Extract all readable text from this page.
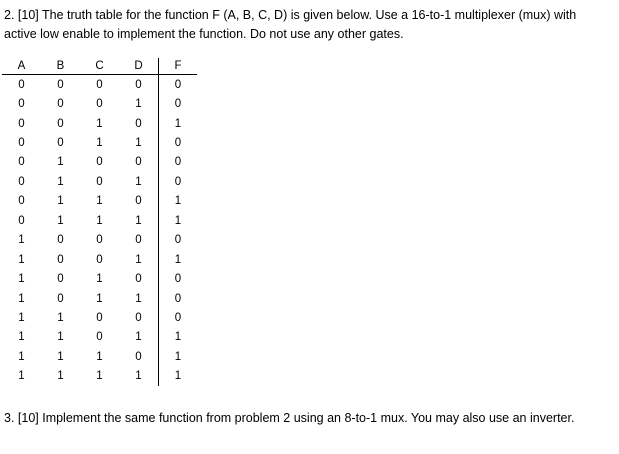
2. [10] The truth table for the function F (A, B, C, D) is given below. Use a 16-to-1 multiplexer (mux) with active low enable to implement the function. Do not use any other gates.

A	B	C	D	F
0	0	0	0	0
0	0	0	1	0
0	0	1	0	1
0	0	1	1	0
0	1	0	0	0
0	1	0	1	0
0	1	1	0	1
0	1	1	1	1
1	0	0	0	0
1	0	0	1	1
1	0	1	0	0
1	0	1	1	0
1	1	0	0	0
1	1	0	1	1
1	1	1	0	1
1	1	1	1	1

3. [10] Implement the same function from problem 2 using an 8-to-1 mux. You may also use an inverter.
